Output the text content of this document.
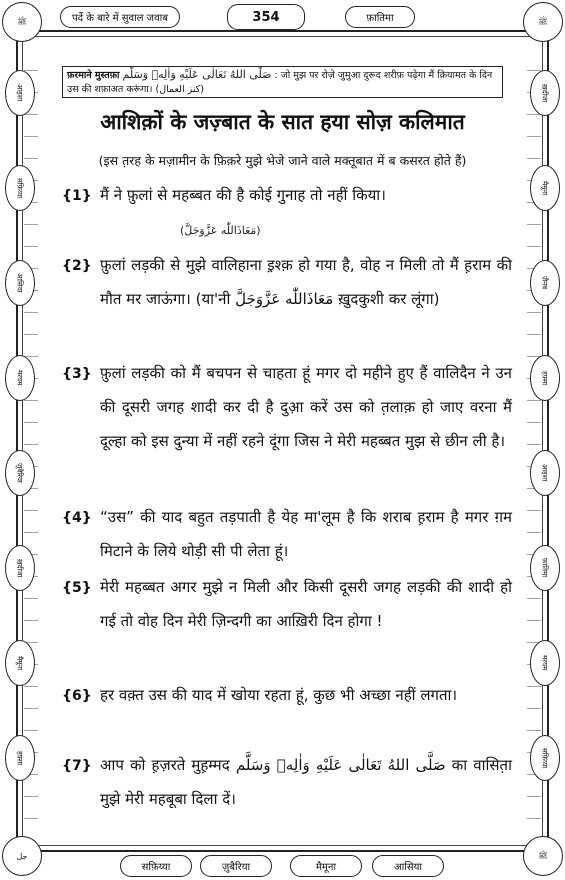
ﷺ	ﷺ
جل	ﷺ
पर्दे के बारे में सुवाल जवाब	354	फ़ातिमा
आ़इशा
सफ़िय्या
आसिया
मरयम
ज़ुबैरिया
ख़दीजा
मैमूना
हफ़्सा
ख़दीजा
मैमूना
ज़ैनब
हफ़्सा
आ़इशा
फ़ातिमा
मरयम
सफ़िय्या
फ़रमाने मुस्तफ़ा صَلَّى اللهُ تَعَالٰى عَلَيْهِ وَاٰلِهٖ وَسَلَّم : जो मुझ पर रोज़े जुमुआ दुरूद शरीफ़ पढ़ेगा मैं क़ियामत के दिन उस की शफ़ाअत करूंगा। (كنز العمال)
आशिक़ों के जज़्बात के सात हया सोज़ कलिमात
(इस त़रह के मज़ामीन के फ़िक़रे मुझे भेजे जाने वाले मक्तूबात में ब कसरत होते हैं)
{1} मैं ने फ़ुलां से महब्बत की है कोई गुनाह तो नहीं किया।
(مَعَاذَاللّٰه عَزَّوَجَلَّ)
{2} फ़ुलां लड़की से मुझे वालिहाना इ़श्क़ हो गया है, वोह न मिली तो मैं ह़राम की मौत मर जाऊंगा। (या'नी مَعَاذَاللّٰه عَزَّوَجَلَّ ख़ुदकुशी कर लूंगा)
{3} फ़ुलां लड़की को मैं बचपन से चाहता हूं मगर दो महीने हुए हैं वालिदैन ने उन की दूसरी जगह शादी कर दी है दुआ़ करें उस को त़लाक़ हो जाए वरना मैं दूल्हा को इस दुन्या में नहीं रहने दूंगा जिस ने मेरी महब्बत मुझ से छीन ली है।
{4} “उस” की याद बहुत तड़पाती है येह मा'लूम है कि शराब ह़राम है मगर ग़म मिटाने के लिये थोड़ी सी पी लेता हूं।
{5} मेरी महब्बत अगर मुझे न मिली और किसी दूसरी जगह लड़की की शादी हो गई तो वोह दिन मेरी ज़िन्दगी का आख़िरी दिन होगा !
{6} हर वक़्त उस की याद में खोया रहता हूं, कुछ भी अच्छा नहीं लगता।
{7} आप को ह़ज़रते मुह़म्मद صَلَّى اللهُ تَعَالٰى عَلَيْهِ وَاٰلِهٖ وَسَلَّم का वासित़ा मुझे मेरी महबूबा दिला दें।
सफ़िय्या	ज़ुबैरिया	मैमूना	आसिया
